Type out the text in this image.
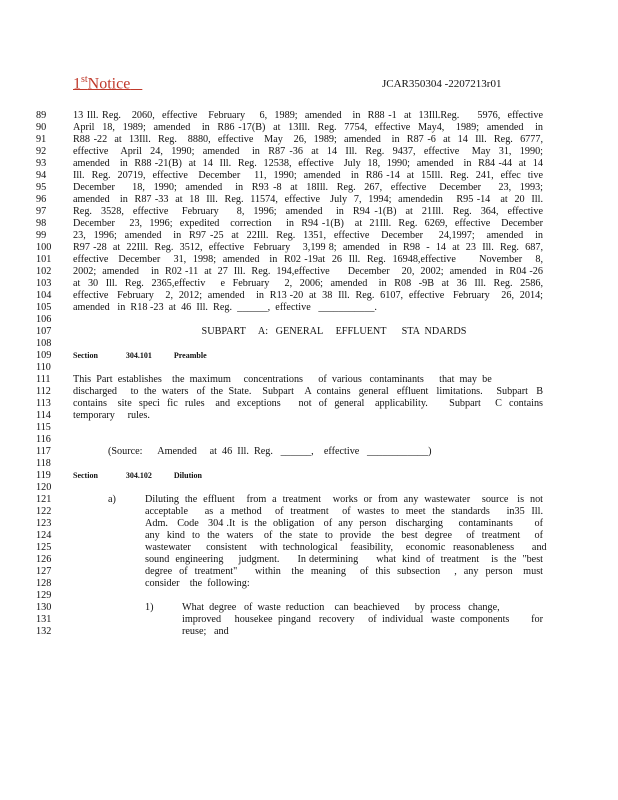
1stNotice	JCAR350304 -2207213r01
89	13 Ill. Reg.   2060,  effective   February    6,  1989;  amended   in  R88 -1  at  13Ill.Reg.     5976,  effective
90	April  18,  1989;  amended   in  R86 -17(B)  at  13Ill.  Reg.  7754,  effective  May4,   1989;  amended   in
91	R88 -22  at  13Ill.  Reg.   8880,  effective   May   26,  1989;  amended   in  R87 -6  at  14  Ill.  Reg.  6777,
92	effective   April  24,  1990;  amended   in  R87 -36  at  14  Ill.  Reg.  9437,  effective   May  31,  1990;
93	amended   in  R88 -21(B)  at  14  Ill.  Reg.  12538,  effective   July  18,  1990;  amended   in  R84 -44  at  14
94	Ill.  Reg.  20719,  effective   December    11,  1990;  amended   in  R86 -14  at  15Ill.  Reg.  241,  effec  tive
95	December    18,  1990;  amended   in  R93 -8  at  18Ill.  Reg.  267,  effective   December    23,  1993;
96	amended   in  R87 -33  at  18  Ill.  Reg.  11574,  effective   July  7,  1994;  amendedin    R95 -14   at  20  Ill.
97	Reg.  3528,  effective   February    8,  1996;  amended   in  R94 -1(B)  at  21Ill.  Reg.  364,  effective
98	December    23,  1996;  expedited   correction    in  R94 -1(B)   at  21Ill.  Reg.  6269,  effective   December
99	23,  1996;  amended   in  R97 -25  at  22Ill.  Reg.  1351,  effective   December    24,1997;   amended   in
100	R97 -28  at  22Ill.  Reg.  3512,  effective   February    3,199 8;  amended   in  R98  -  14  at  23  Ill.  Reg.  687,
101	effective   December    31,  1998;  amended   in  R02 -19at  26  Ill.  Reg.  16948,effective       November    8,
102	2002;  amended    in  R02 -11  at  27  Ill.  Reg.  194,effective      December    20,  2002;  amended   in  R04 -26
103	at  30  Ill.  Reg.  2365,effectiv    e  February    2,  2006;  amended   in  R08  -9B  at  36  Ill.  Reg.  2586,
104	effective   February    2,  2012;  amended    in  R13 -20  at  38  Ill.  Reg.  6107,  effective   February    26,  2014;
105	amended   in  R18 -23  at  46  Ill.  Reg.  ______,  effective   ___________.
106
107	SUBPART     A:   GENERAL     EFFLUENT      STA  NDARDS
108
109	Section	304.101	Preamble
110
111	This  Part  establishes    the  maximum     concentrations      of  various   contaminants      that  may  be
112	discharged     to  the  waters   of  the  State.    Subpart    A  contains   general   effluent   limitations.     Subpart   B
113	contains   site  speci  fic  rules   and  exceptions     not  of  general   applicability.      Subpart    C  contains
114	temporary     rules.
115
116
117	(Source:      Amended     at  46  Ill.  Reg.   ______,    effective   ____________)
118
119	Section	304.102	Dilution
120
121	a)	Diluting  the  effluent    from  a  treatment    works  or  from  any  wastewater    source   is  not
122	acceptable     as  a  method    of  treatment    of  wastes  to  meet  the  standards     in35  Ill.
123	Adm.   Code   304 .It  is  the  obligation   of  any  person   discharging     contaminants       of
124	any  kind  to  the  waters   of  the  state  to  provide   the  best  degree    of  treatment    of
125	wastewater      consistent     with  technological     feasibility,     economic   reasonableness       and
126	sound  engineering     judgment.      In determining      what  kind  of  treatment    is  the  "best
127	degree  of  treatment"     within   the  meaning    of  this  subsection    ,  any  person   must
128	consider    the  following:
129
130	1)	What  degree   of  waste  reduction    can  beachieved      by  process   change,
131	improved     housekee  pingand   recovery     of  individual   waste  components        for
132	reuse;   and
